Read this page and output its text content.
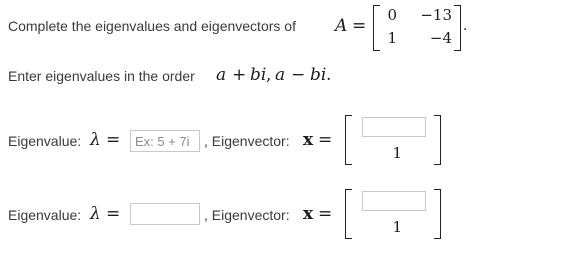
Complete the eigenvalues and eigenvectors of A =
0	−13
1	−4
.
Enter eigenvalues in the order a + bi , a − bi .
Eigenvalue: λ =
Ex: 5 + 7i	, Eigenvector: x =
1
Eigenvalue: λ =	, Eigenvector: x =
1
